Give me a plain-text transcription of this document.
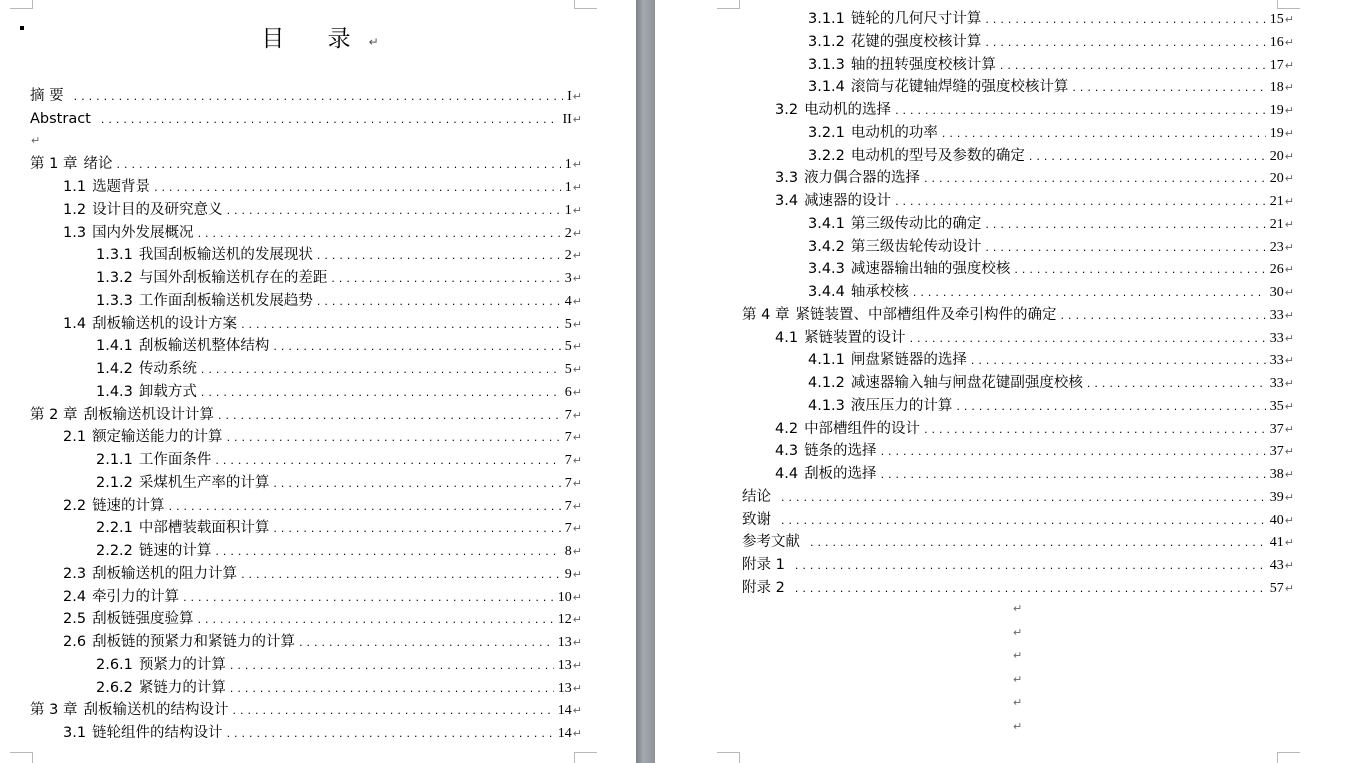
目 录↵
摘 要 .....	I ↵
Abstract .....	II ↵
↵
第 1 章 绪论 .....	1 ↵
1.1 选题背景 .....	1 ↵
1.2 设计目的及研究意义 .....	1 ↵
1.3 国内外发展概况 .....	2 ↵
1.3.1 我国刮板输送机的发展现状 .....	2 ↵
1.3.2 与国外刮板输送机存在的差距 .....	3 ↵
1.3.3 工作面刮板输送机发展趋势 .....	4 ↵
1.4 刮板输送机的设计方案 .....	5 ↵
1.4.1 刮板输送机整体结构 .....	5 ↵
1.4.2 传动系统 .....	5 ↵
1.4.3 卸载方式 .....	6 ↵
第 2 章 刮板输送机设计计算 .....	7 ↵
2.1 额定输送能力的计算 .....	7 ↵
2.1.1 工作面条件 .....	7 ↵
2.1.2 采煤机生产率的计算 .....	7 ↵
2.2 链速的计算 .....	7 ↵
2.2.1 中部槽装载面积计算 .....	7 ↵
2.2.2 链速的计算 .....	8 ↵
2.3 刮板输送机的阻力计算 .....	9 ↵
2.4 牵引力的计算 .....	10 ↵
2.5 刮板链强度验算 .....	12 ↵
2.6 刮板链的预紧力和紧链力的计算 .....	13 ↵
2.6.1 预紧力的计算 .....	13 ↵
2.6.2 紧链力的计算 .....	13 ↵
第 3 章 刮板输送机的结构设计 .....	14 ↵
3.1 链轮组件的结构设计 .....	14 ↵
3.1.1 链轮的几何尺寸计算 .....	15 ↵
3.1.2 花键的强度校核计算 .....	16 ↵
3.1.3 轴的扭转强度校核计算 .....	17 ↵
3.1.4 滚筒与花键轴焊缝的强度校核计算 .....	18 ↵
3.2 电动机的选择 .....	19 ↵
3.2.1 电动机的功率 .....	19 ↵
3.2.2 电动机的型号及参数的确定 .....	20 ↵
3.3 液力偶合器的选择 .....	20 ↵
3.4 减速器的设计 .....	21 ↵
3.4.1 第三级传动比的确定 .....	21 ↵
3.4.2 第三级齿轮传动设计 .....	23 ↵
3.4.3 减速器输出轴的强度校核 .....	26 ↵
3.4.4 轴承校核 .....	30 ↵
第 4 章 紧链装置、中部槽组件及牵引构件的确定 .....	33 ↵
4.1 紧链装置的设计 .....	33 ↵
4.1.1 闸盘紧链器的选择 .....	33 ↵
4.1.2 减速器输入轴与闸盘花键副强度校核 .....	33 ↵
4.1.3 液压压力的计算 .....	35 ↵
4.2 中部槽组件的设计 .....	37 ↵
4.3 链条的选择 .....	37 ↵
4.4 刮板的选择 .....	38 ↵
结论 .....	39 ↵
致谢 .....	40 ↵
参考文献 .....	41 ↵
附录 1 .....	43 ↵
附录 2 .....	57 ↵
↵
↵
↵
↵
↵
↵
